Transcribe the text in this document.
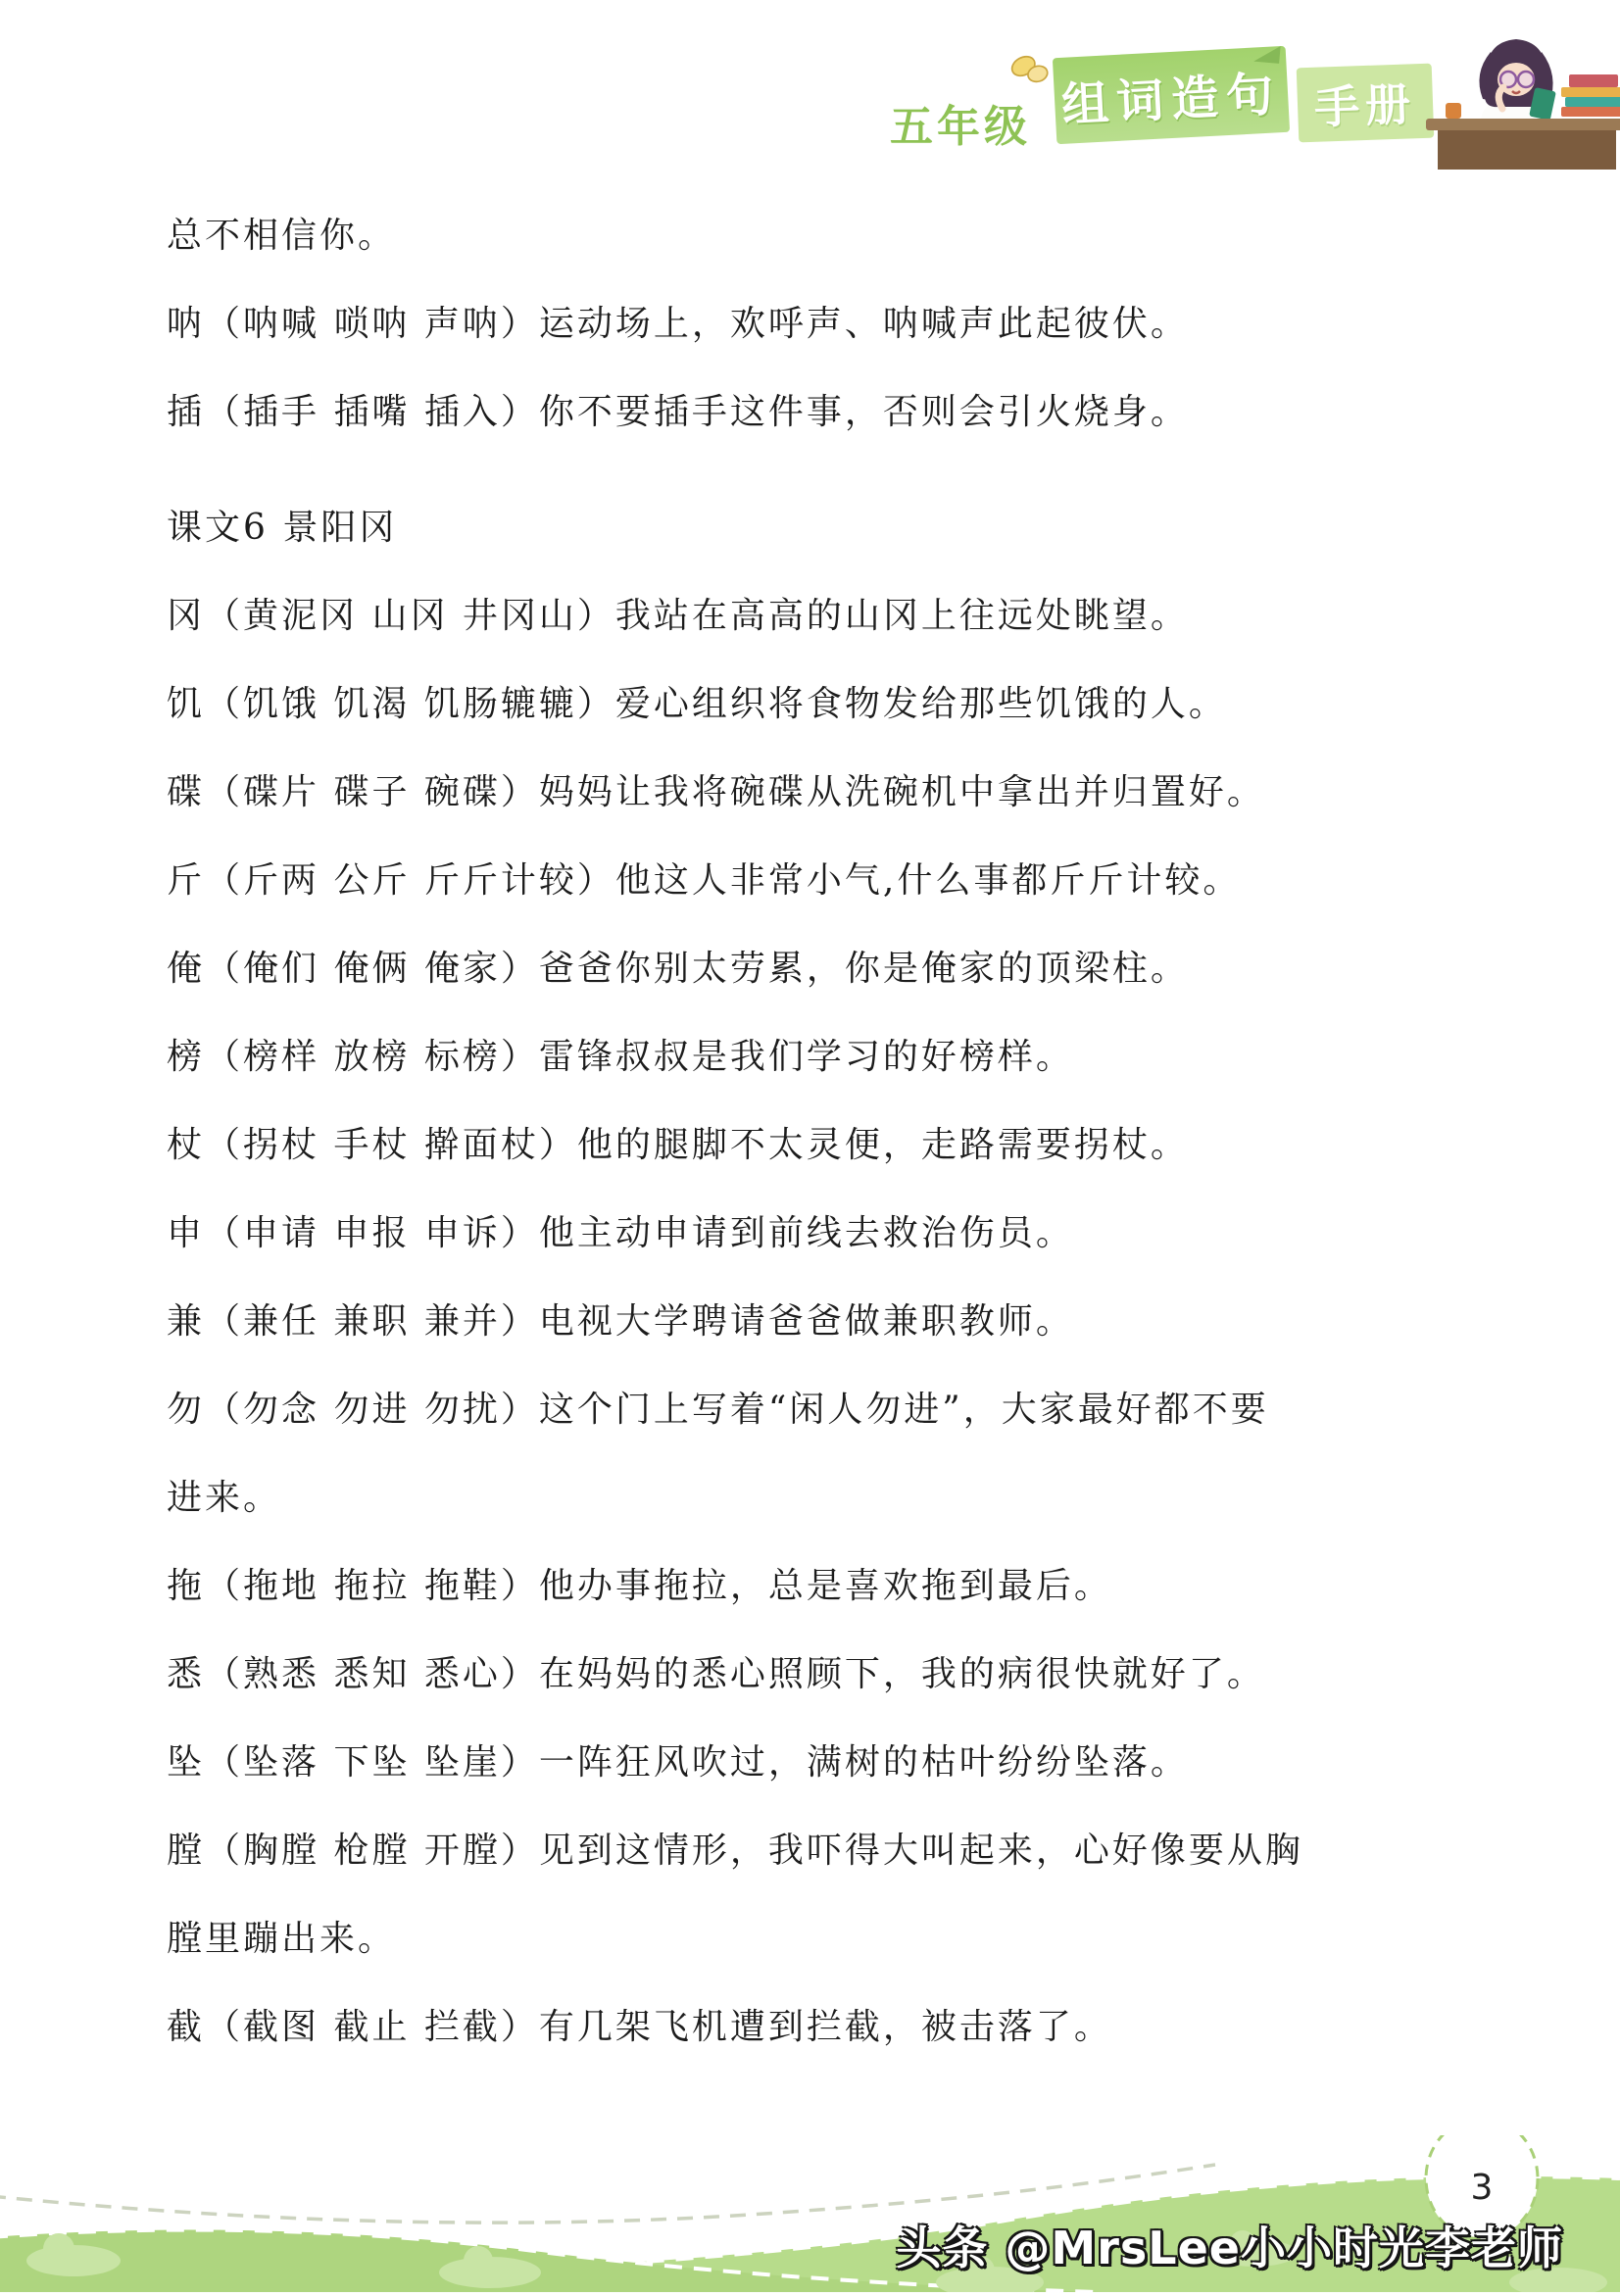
五年级 组词造句 手册
总不相信你。
呐（呐喊 唢呐 声呐）运动场上，欢呼声、呐喊声此起彼伏。
插（插手 插嘴 插入）你不要插手这件事，否则会引火烧身。
课文6 景阳冈
冈（黄泥冈 山冈 井冈山）我站在高高的山冈上往远处眺望。
饥（饥饿 饥渴 饥肠辘辘）爱心组织将食物发给那些饥饿的人。
碟（碟片 碟子 碗碟）妈妈让我将碗碟从洗碗机中拿出并归置好。
斤（斤两 公斤 斤斤计较）他这人非常小气,什么事都斤斤计较。
俺（俺们 俺俩 俺家）爸爸你别太劳累，你是俺家的顶梁柱。
榜（榜样 放榜 标榜）雷锋叔叔是我们学习的好榜样。
杖（拐杖 手杖 擀面杖）他的腿脚不太灵便，走路需要拐杖。
申（申请 申报 申诉）他主动申请到前线去救治伤员。
兼（兼任 兼职 兼并）电视大学聘请爸爸做兼职教师。
勿（勿念 勿进 勿扰）这个门上写着“闲人勿进”，大家最好都不要
进来。
拖（拖地 拖拉 拖鞋）他办事拖拉，总是喜欢拖到最后。
悉（熟悉 悉知 悉心）在妈妈的悉心照顾下，我的病很快就好了。
坠（坠落 下坠 坠崖）一阵狂风吹过，满树的枯叶纷纷坠落。
膛（胸膛 枪膛 开膛）见到这情形，我吓得大叫起来，心好像要从胸
膛里蹦出来。
截（截图 截止 拦截）有几架飞机遭到拦截，被击落了。
3
头条 @MrsLee小小时光李老师
